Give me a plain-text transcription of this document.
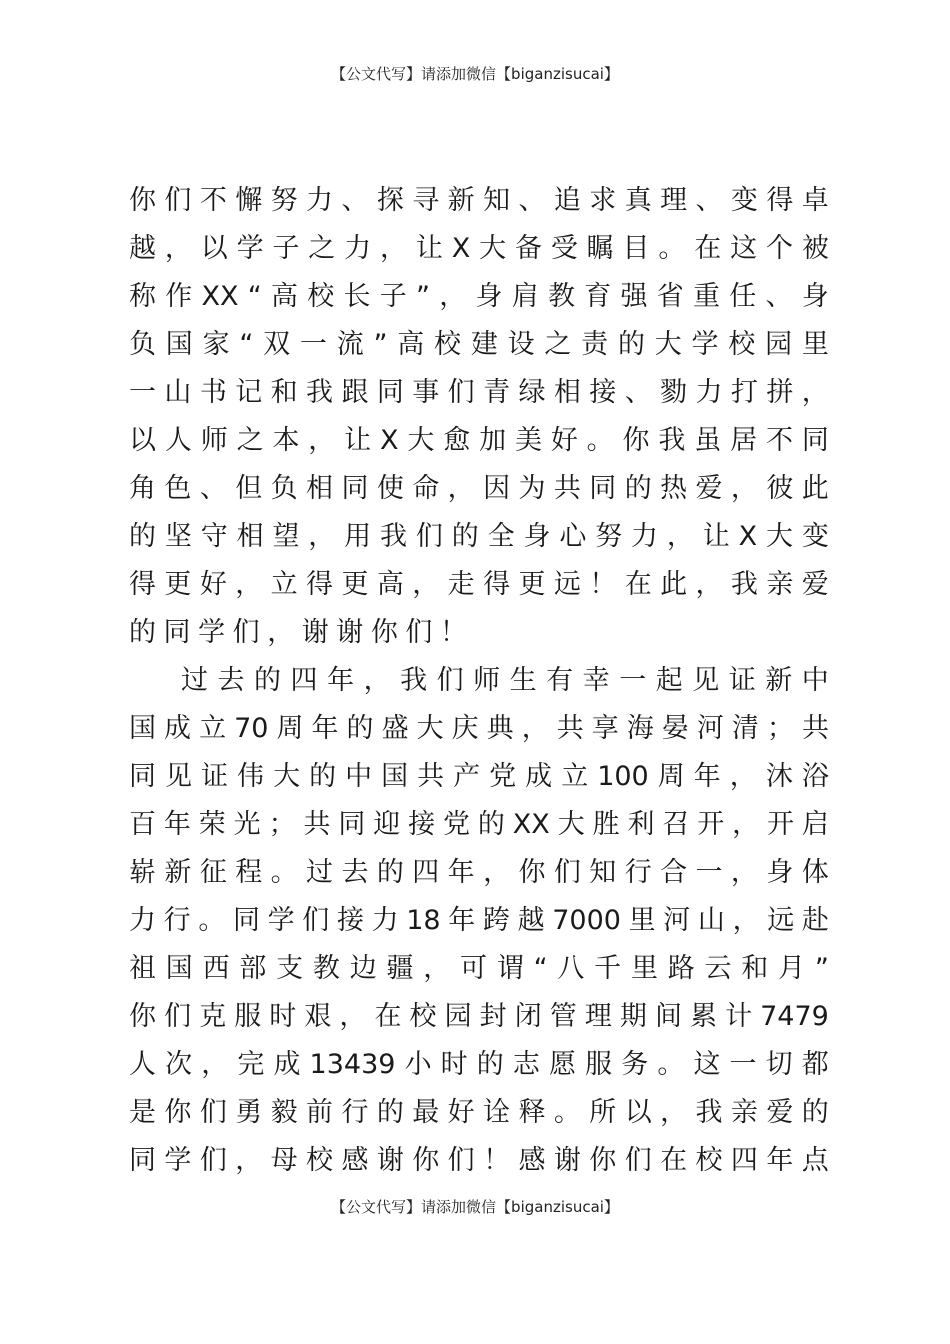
【公文代写】请添加微信【biganzisucai】
你 们 不 懈 努 力 、 探 寻 新 知 、 追 求 真 理 、 变 得 卓
越 ， 以 学 子 之 力 ， 让 X 大 备 受 瞩 目 。 在 这 个 被
称 作 XX “ 高 校 长 子 ” ， 身 肩 教 育 强 省 重 任 、 身
负 国 家 “ 双 一 流 ” 高 校 建 设 之 责 的 大 学 校 园 里
一 山 书 记 和 我 跟 同 事 们 青 绿 相 接 、 勠 力 打 拼 ，
以 人 师 之 本 ， 让 X 大 愈 加 美 好 。 你 我 虽 居 不 同
角 色 、 但 负 相 同 使 命 ， 因 为 共 同 的 热 爱 ， 彼 此
的 坚 守 相 望 ， 用 我 们 的 全 身 心 努 力 ， 让 X 大 变
得 更 好 ， 立 得 更 高 ， 走 得 更 远 ！ 在 此 ， 我 亲 爱
的 同 学 们 ， 谢 谢 你 们 ！
过 去 的 四 年 ， 我 们 师 生 有 幸 一 起 见 证 新 中
国 成 立 70 周 年 的 盛 大 庆 典 ， 共 享 海 晏 河 清 ； 共
同 见 证 伟 大 的 中 国 共 产 党 成 立 100 周 年 ， 沐 浴
百 年 荣 光 ； 共 同 迎 接 党 的 XX 大 胜 利 召 开 ， 开 启
崭 新 征 程 。 过 去 的 四 年 ， 你 们 知 行 合 一 ， 身 体
力 行 。 同 学 们 接 力 18 年 跨 越 7000 里 河 山 ， 远 赴
祖 国 西 部 支 教 边 疆 ， 可 谓 “ 八 千 里 路 云 和 月 ”
你 们 克 服 时 艰 ， 在 校 园 封 闭 管 理 期 间 累 计 7479
人 次 ， 完 成 13439 小 时 的 志 愿 服 务 。 这 一 切 都
是 你 们 勇 毅 前 行 的 最 好 诠 释 。 所 以 ， 我 亲 爱 的
同 学 们 ， 母 校 感 谢 你 们 ！ 感 谢 你 们 在 校 四 年 点
【公文代写】请添加微信【biganzisucai】
